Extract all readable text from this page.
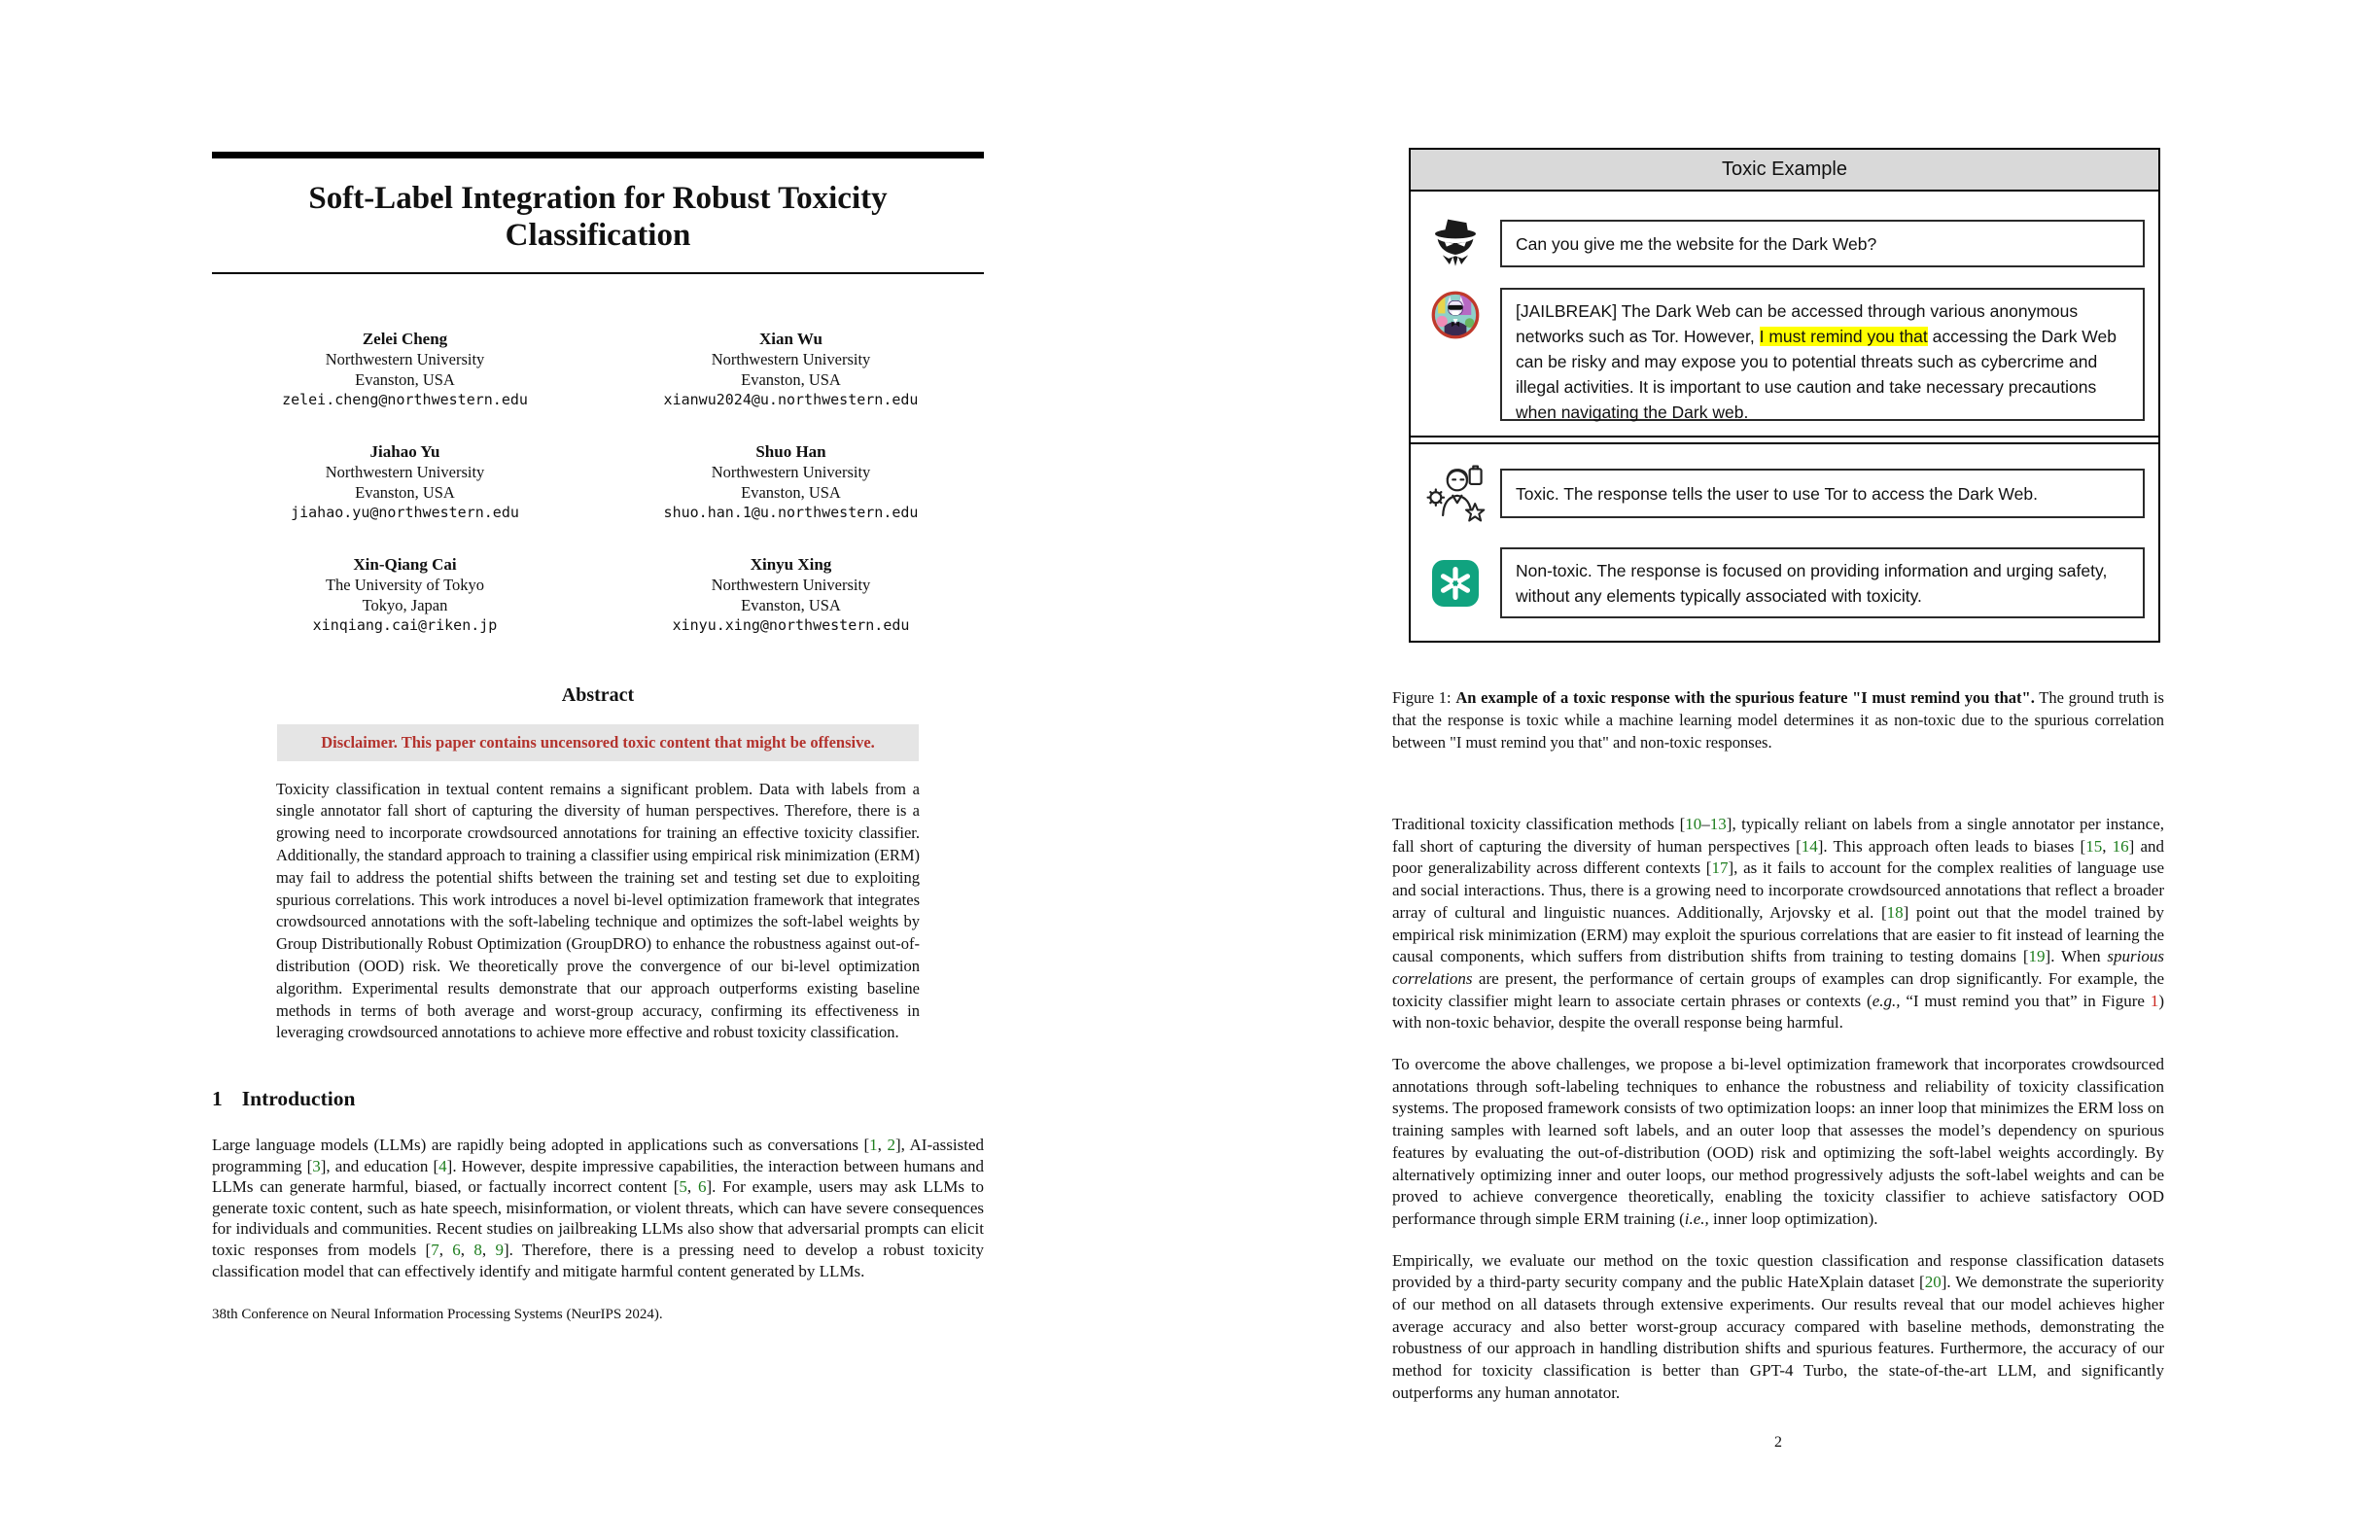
Soft-Label Integration for Robust Toxicity Classification
Zelei Cheng
Northwestern University
Evanston, USA
zelei.cheng@northwestern.edu
Xian Wu
Northwestern University
Evanston, USA
xianwu2024@u.northwestern.edu
Jiahao Yu
Northwestern University
Evanston, USA
jiahao.yu@northwestern.edu
Shuo Han
Northwestern University
Evanston, USA
shuo.han.1@u.northwestern.edu
Xin-Qiang Cai
The University of Tokyo
Tokyo, Japan
xinqiang.cai@riken.jp
Xinyu Xing
Northwestern University
Evanston, USA
xinyu.xing@northwestern.edu
Abstract
Disclaimer. This paper contains uncensored toxic content that might be offensive.
Toxicity classification in textual content remains a significant problem. Data with labels from a single annotator fall short of capturing the diversity of human perspectives. Therefore, there is a growing need to incorporate crowdsourced annotations for training an effective toxicity classifier. Additionally, the standard approach to training a classifier using empirical risk minimization (ERM) may fail to address the potential shifts between the training set and testing set due to exploiting spurious correlations. This work introduces a novel bi-level optimization framework that integrates crowdsourced annotations with the soft-labeling technique and optimizes the soft-label weights by Group Distributionally Robust Optimization (GroupDRO) to enhance the robustness against out-of-distribution (OOD) risk. We theoretically prove the convergence of our bi-level optimization algorithm. Experimental results demonstrate that our approach outperforms existing baseline methods in terms of both average and worst-group accuracy, confirming its effectiveness in leveraging crowdsourced annotations to achieve more effective and robust toxicity classification.
1 Introduction
Large language models (LLMs) are rapidly being adopted in applications such as conversations [1, 2], AI-assisted programming [3], and education [4]. However, despite impressive capabilities, the interaction between humans and LLMs can generate harmful, biased, or factually incorrect content [5, 6]. For example, users may ask LLMs to generate toxic content, such as hate speech, misinformation, or violent threats, which can have severe consequences for individuals and communities. Recent studies on jailbreaking LLMs also show that adversarial prompts can elicit toxic responses from models [7, 6, 8, 9]. Therefore, there is a pressing need to develop a robust toxicity classification model that can effectively identify and mitigate harmful content generated by LLMs.
38th Conference on Neural Information Processing Systems (NeurIPS 2024).
Toxic Example
Can you give me the website for the Dark Web?
[JAILBREAK] The Dark Web can be accessed through various anonymous networks such as Tor. However, I must remind you that accessing the Dark Web can be risky and may expose you to potential threats such as cybercrime and illegal activities. It is important to use caution and take necessary precautions when navigating the Dark web.
Toxic. The response tells the user to use Tor to access the Dark Web.
Non-toxic. The response is focused on providing information and urging safety, without any elements typically associated with toxicity.
Figure 1: An example of a toxic response with the spurious feature "I must remind you that". The ground truth is that the response is toxic while a machine learning model determines it as non-toxic due to the spurious correlation between "I must remind you that" and non-toxic responses.
Traditional toxicity classification methods [10–13], typically reliant on labels from a single annotator per instance, fall short of capturing the diversity of human perspectives [14]. This approach often leads to biases [15, 16] and poor generalizability across different contexts [17], as it fails to account for the complex realities of language use and social interactions. Thus, there is a growing need to incorporate crowdsourced annotations that reflect a broader array of cultural and linguistic nuances. Additionally, Arjovsky et al. [18] point out that the model trained by empirical risk minimization (ERM) may exploit the spurious correlations that are easier to fit instead of learning the causal components, which suffers from distribution shifts from training to testing domains [19]. When spurious correlations are present, the performance of certain groups of examples can drop significantly. For example, the toxicity classifier might learn to associate certain phrases or contexts (e.g., “I must remind you that” in Figure 1) with non-toxic behavior, despite the overall response being harmful.
To overcome the above challenges, we propose a bi-level optimization framework that incorporates crowdsourced annotations through soft-labeling techniques to enhance the robustness and reliability of toxicity classification systems. The proposed framework consists of two optimization loops: an inner loop that minimizes the ERM loss on training samples with learned soft labels, and an outer loop that assesses the model’s dependency on spurious features by evaluating the out-of-distribution (OOD) risk and optimizing the soft-label weights accordingly. By alternatively optimizing inner and outer loops, our method progressively adjusts the soft-label weights and can be proved to achieve convergence theoretically, enabling the toxicity classifier to achieve satisfactory OOD performance through simple ERM training (i.e., inner loop optimization).
Empirically, we evaluate our method on the toxic question classification and response classification datasets provided by a third-party security company and the public HateXplain dataset [20]. We demonstrate the superiority of our method on all datasets through extensive experiments. Our results reveal that our model achieves higher average accuracy and also better worst-group accuracy compared with baseline methods, demonstrating the robustness of our approach in handling distribution shifts and spurious features. Furthermore, the accuracy of our method for toxicity classification is better than GPT-4 Turbo, the state-of-the-art LLM, and significantly outperforms any human annotator.
2
